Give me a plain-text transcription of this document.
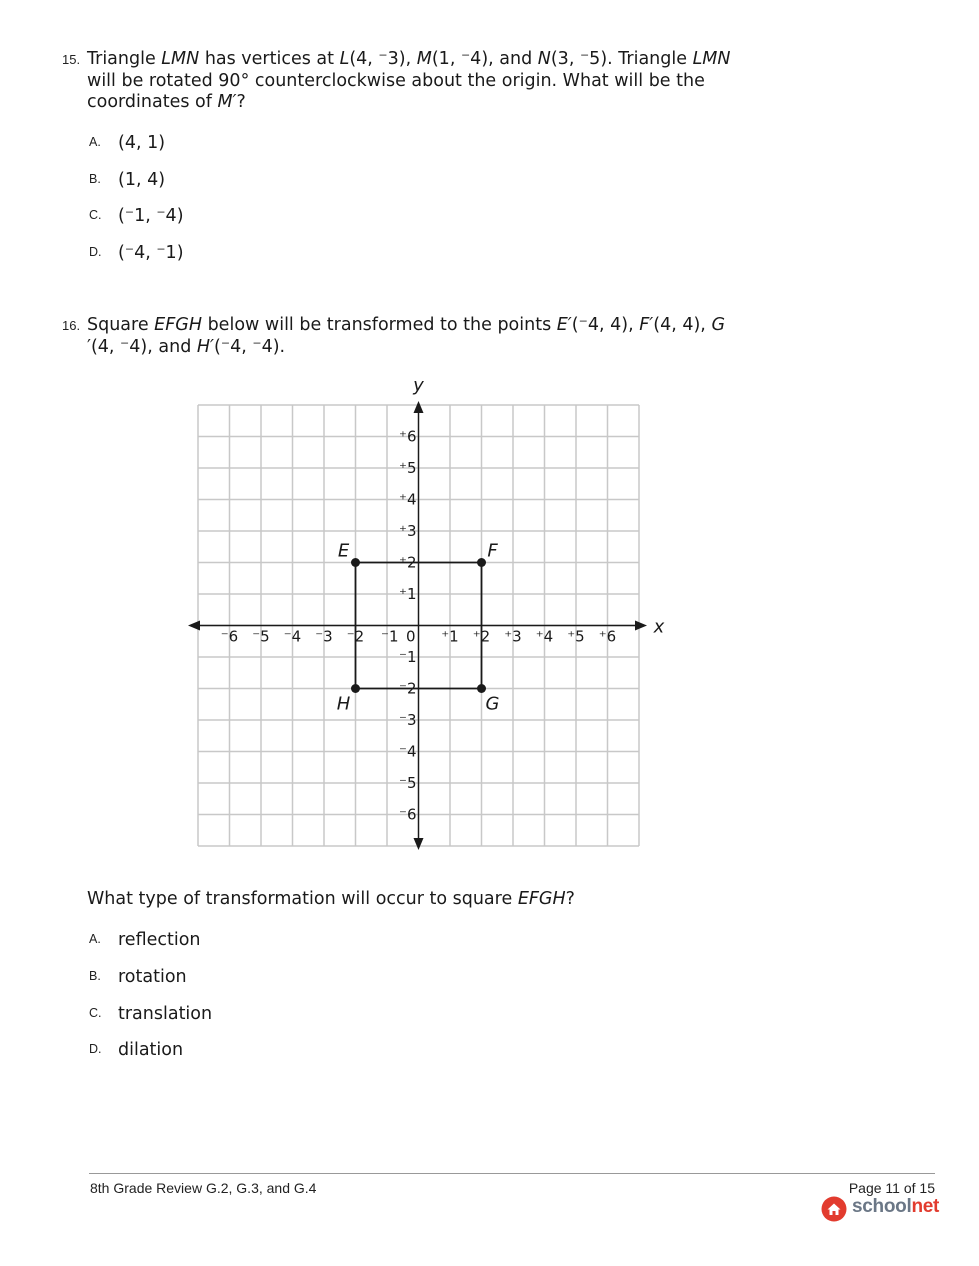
15. Triangle LMN has vertices at L(4, ⁻3), M(1, ⁻4), and N(3, ⁻5). Triangle LMN
will be rotated 90° counterclockwise about the origin. What will be the
coordinates of M′?
A. (4, 1)
B. (1, 4)
C. (⁻1, ⁻4)
D. (⁻4, ⁻1)
16. Square EFGH below will be transformed to the points E′(⁻4, 4), F′(4, 4), G
′(4, ⁻4), and H′(⁻4, ⁻4).
x
y
⁻6 ⁻5 ⁻4 ⁻3 ⁻2 ⁻1 0 ⁺1 ⁺2 ⁺3 ⁺4 ⁺5 ⁺6
⁺6
⁺5
⁺4
⁺3
⁺2
⁺1
⁻1
⁻2
⁻3
⁻4
⁻5
⁻6
E	F
G
H
What type of transformation will occur to square EFGH?
A. reflection
B. rotation
C. translation
D. dilation
8th Grade Review G.2, G.3, and G.4	Page 11 of 15
schoolnet
